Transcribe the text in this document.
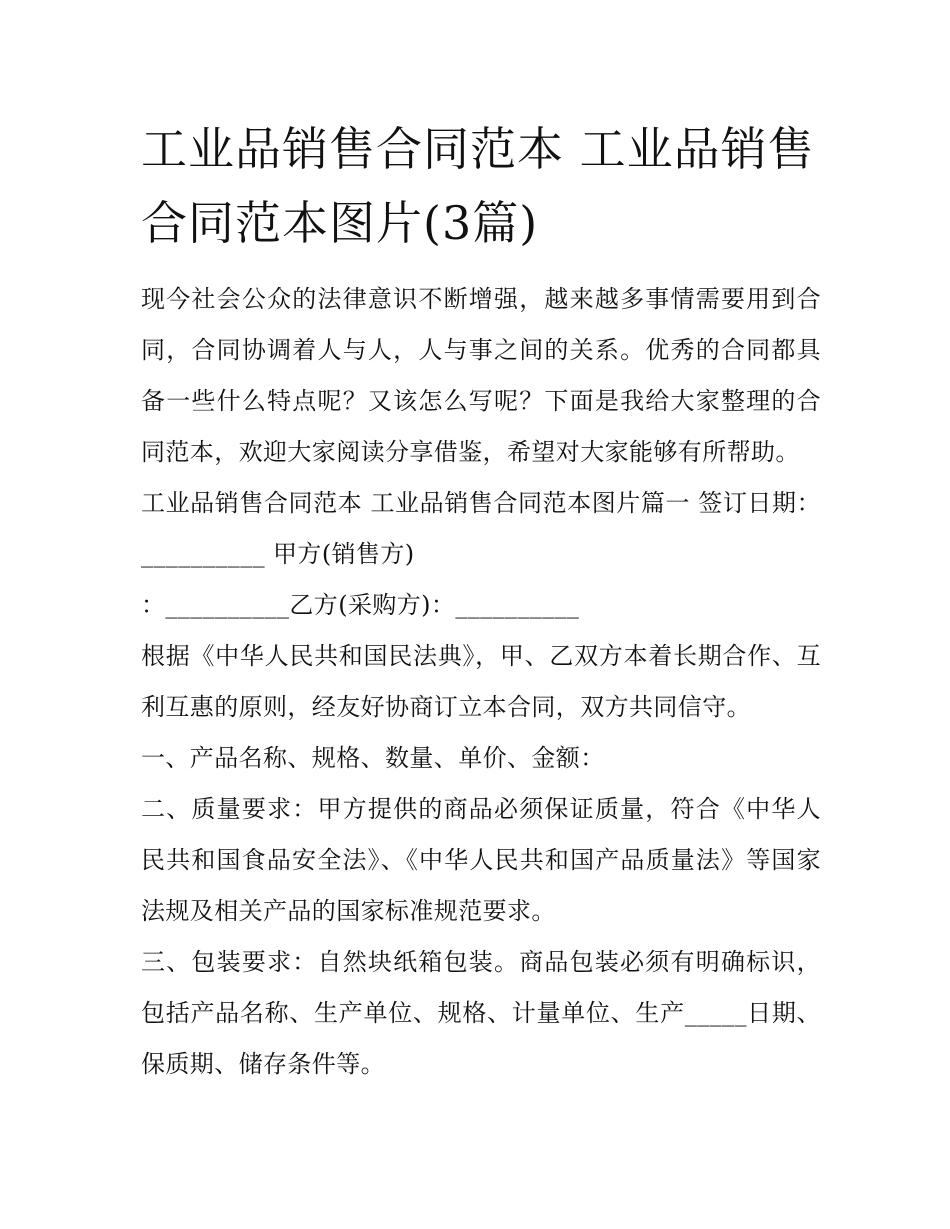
工业品销售合同范本 工业品销售合同范本图片(3篇)

现今社会公众的法律意识不断增强，越来越多事情需要用到合同，合同协调着人与人，人与事之间的关系。优秀的合同都具备一些什么特点呢？又该怎么写呢？下面是我给大家整理的合同范本，欢迎大家阅读分享借鉴，希望对大家能够有所帮助。

工业品销售合同范本 工业品销售合同范本图片篇一 签订日期：__________ 甲方(销售方)

：__________乙方(采购方)：__________

根据《中华人民共和国民法典》，甲、乙双方本着长期合作、互利互惠的原则，经友好协商订立本合同，双方共同信守。

一、产品名称、规格、数量、单价、金额：

二、质量要求：甲方提供的商品必须保证质量，符合《中华人民共和国食品安全法》、《中华人民共和国产品质量法》等国家法规及相关产品的国家标准规范要求。

三、包装要求：自然块纸箱包装。商品包装必须有明确标识，包括产品名称、生产单位、规格、计量单位、生产_____日期、保质期、储存条件等。
